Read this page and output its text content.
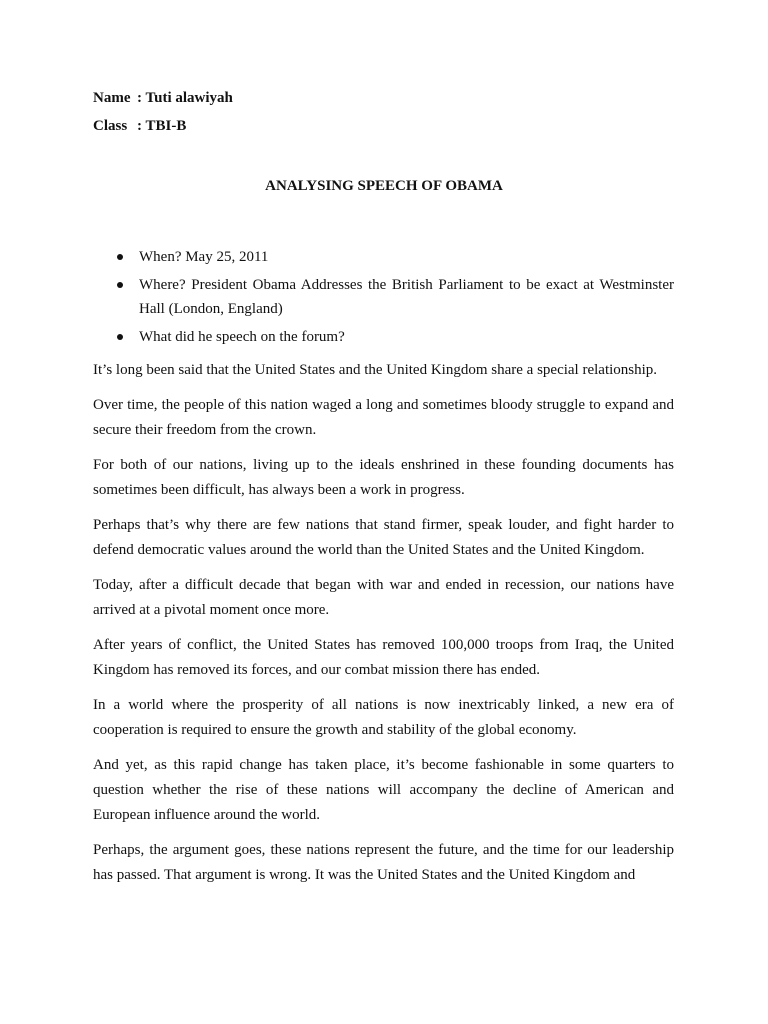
Name : Tuti alawiyah
Class : TBI-B
ANALYSING SPEECH OF OBAMA
When? May 25, 2011
Where? President Obama Addresses the British Parliament to be exact at Westminster Hall (London, England)
What did he speech on the forum?

It’s long been said that the United States and the United Kingdom share a special relationship.

Over time, the people of this nation waged a long and sometimes bloody struggle to expand and secure their freedom from the crown.

For both of our nations, living up to the ideals enshrined in these founding documents has sometimes been difficult, has always been a work in progress.

Perhaps that’s why there are few nations that stand firmer, speak louder, and fight harder to defend democratic values around the world than the United States and the United Kingdom.

Today, after a difficult decade that began with war and ended in recession, our nations have arrived at a pivotal moment once more.

After years of conflict, the United States has removed 100,000 troops from Iraq, the United Kingdom has removed its forces, and our combat mission there has ended.

In a world where the prosperity of all nations is now inextricably linked, a new era of cooperation is required to ensure the growth and stability of the global economy.

And yet, as this rapid change has taken place, it’s become fashionable in some quarters to question whether the rise of these nations will accompany the decline of American and European influence around the world.

Perhaps, the argument goes, these nations represent the future, and the time for our leadership has passed. That argument is wrong. It was the United States and the United Kingdom and
